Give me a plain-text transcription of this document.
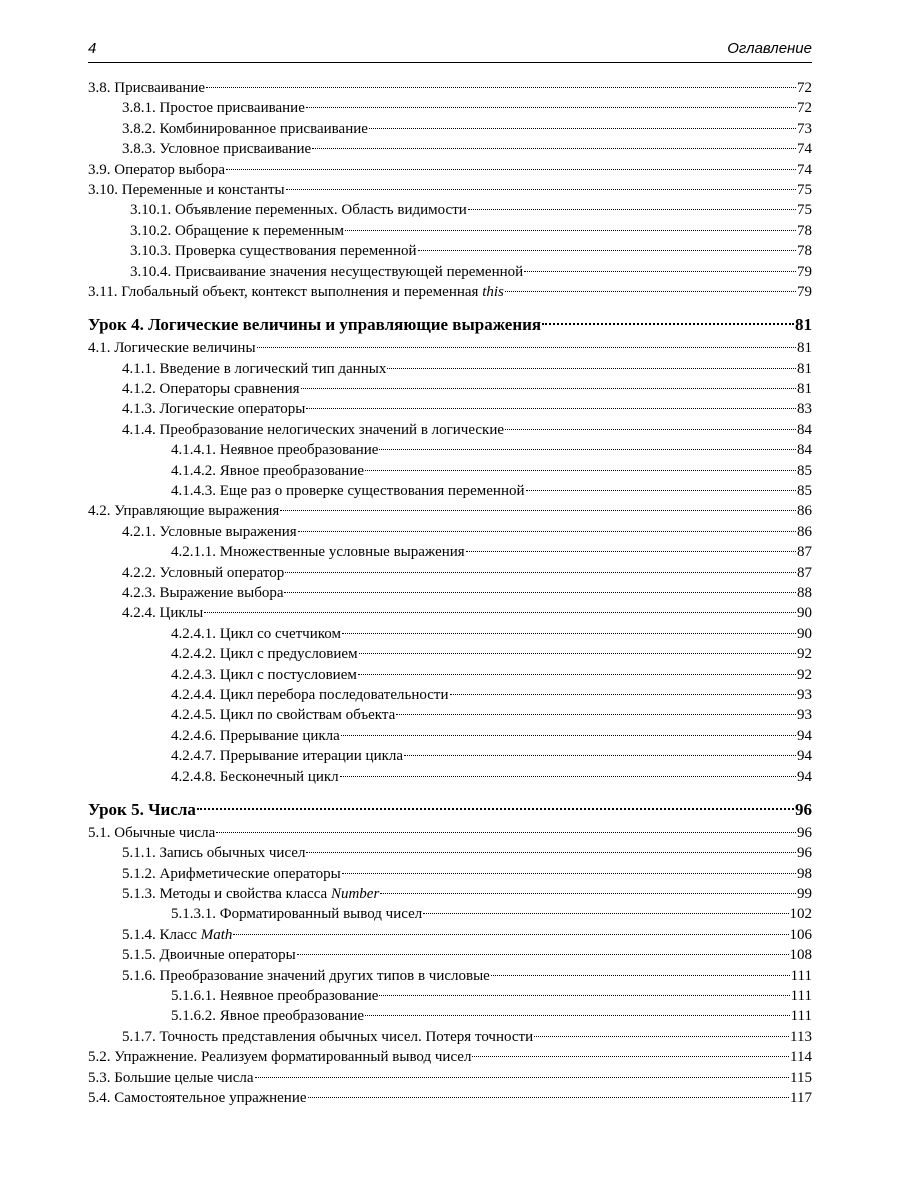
4	Оглавление
3.8. Присваивание	72
3.8.1. Простое присваивание	72
3.8.2. Комбинированное присваивание	73
3.8.3. Условное присваивание	74
3.9. Оператор выбора	74
3.10. Переменные и константы	75
3.10.1. Объявление переменных. Область видимости	75
3.10.2. Обращение к переменным	78
3.10.3. Проверка существования переменной	78
3.10.4. Присваивание значения несуществующей переменной	79
3.11. Глобальный объект, контекст выполнения и переменная this	79
Урок 4. Логические величины и управляющие выражения	81
4.1. Логические величины	81
4.1.1. Введение в логический тип данных	81
4.1.2. Операторы сравнения	81
4.1.3. Логические операторы	83
4.1.4. Преобразование нелогических значений в логические	84
4.1.4.1. Неявное преобразование	84
4.1.4.2. Явное преобразование	85
4.1.4.3. Еще раз о проверке существования переменной	85
4.2. Управляющие выражения	86
4.2.1. Условные выражения	86
4.2.1.1. Множественные условные выражения	87
4.2.2. Условный оператор	87
4.2.3. Выражение выбора	88
4.2.4. Циклы	90
4.2.4.1. Цикл со счетчиком	90
4.2.4.2. Цикл с предусловием	92
4.2.4.3. Цикл с постусловием	92
4.2.4.4. Цикл перебора последовательности	93
4.2.4.5. Цикл по свойствам объекта	93
4.2.4.6. Прерывание цикла	94
4.2.4.7. Прерывание итерации цикла	94
4.2.4.8. Бесконечный цикл	94
Урок 5. Числа	96
5.1. Обычные числа	96
5.1.1. Запись обычных чисел	96
5.1.2. Арифметические операторы	98
5.1.3. Методы и свойства класса Number	99
5.1.3.1. Форматированный вывод чисел	102
5.1.4. Класс Math	106
5.1.5. Двоичные операторы	108
5.1.6. Преобразование значений других типов в числовые	111
5.1.6.1. Неявное преобразование	111
5.1.6.2. Явное преобразование	111
5.1.7. Точность представления обычных чисел. Потеря точности	113
5.2. Упражнение. Реализуем форматированный вывод чисел	114
5.3. Большие целые числа	115
5.4. Самостоятельное упражнение	117
